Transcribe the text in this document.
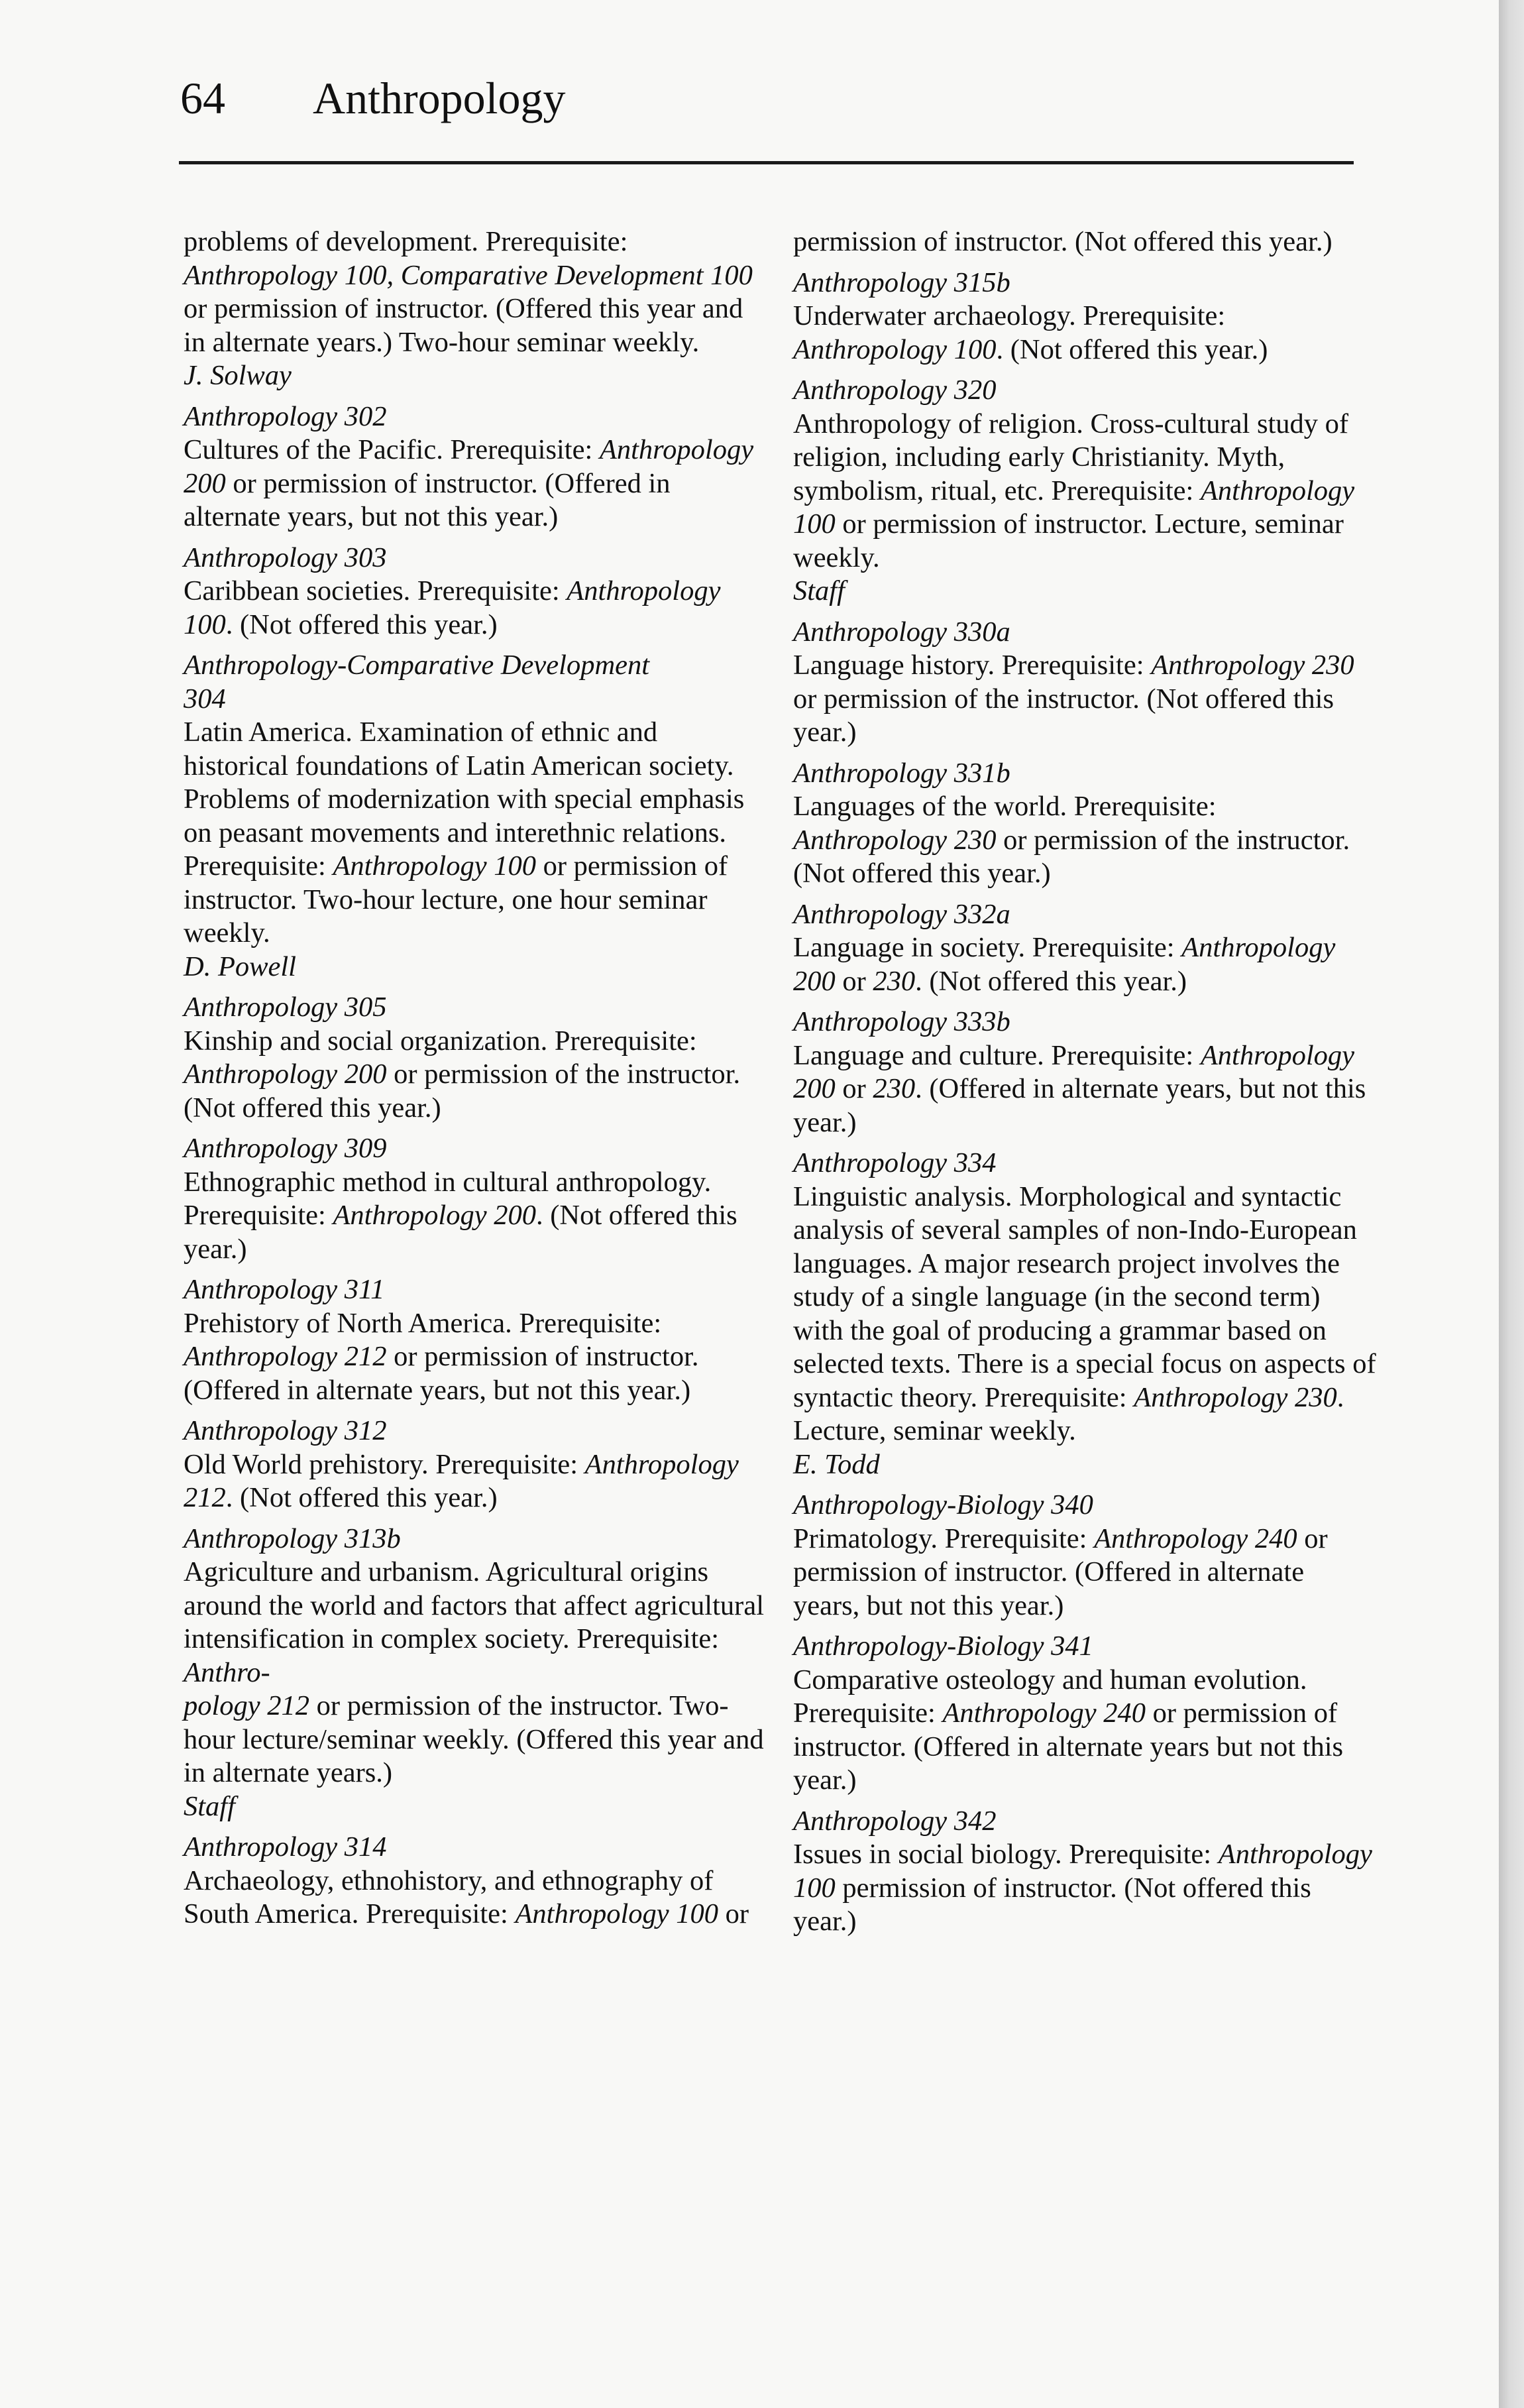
64 Anthropology

problems of development. Prerequisite: Anthropology 100, Comparative Development 100 or permission of instructor. (Offered this year and in alternate years.) Two-hour seminar weekly.

J. Solway

Anthropology 302

Cultures of the Pacific. Prerequisite: Anthropology 200 or permission of instructor. (Offered in alternate years, but not this year.)

Anthropology 303

Caribbean societies. Prerequisite: Anthropology 100. (Not offered this year.)

Anthropology-Comparative Development
304

Latin America. Examination of ethnic and historical foundations of Latin American society. Problems of modernization with special emphasis on peasant movements and interethnic relations. Prerequisite: Anthropology 100 or permission of instructor. Two-hour lecture, one hour seminar weekly.

D. Powell

Anthropology 305

Kinship and social organization. Prerequisite: Anthropology 200 or permission of the instructor. (Not offered this year.)

Anthropology 309

Ethnographic method in cultural anthropology. Prerequisite: Anthropology 200. (Not offered this year.)

Anthropology 311

Prehistory of North America. Prerequisite: Anthropology 212 or permission of instructor. (Offered in alternate years, but not this year.)

Anthropology 312

Old World prehistory. Prerequisite: Anthropology 212. (Not offered this year.)

Anthropology 313b

Agriculture and urbanism. Agricultural origins around the world and factors that affect agricultural intensification in complex society. Prerequisite: Anthro-
pology 212 or permission of the instructor. Two-hour lecture/seminar weekly. (Offered this year and in alternate years.)

Staff

Anthropology 314

Archaeology, ethnohistory, and ethnography of South America. Prerequisite: Anthropology 100 or

permission of instructor. (Not offered this year.)

Anthropology 315b

Underwater archaeology. Prerequisite: Anthropology 100. (Not offered this year.)

Anthropology 320

Anthropology of religion. Cross-cultural study of religion, including early Christianity. Myth, symbolism, ritual, etc. Prerequisite: Anthropology 100 or permission of instructor. Lecture, seminar weekly.

Staff

Anthropology 330a

Language history. Prerequisite: Anthropology 230 or permission of the instructor. (Not offered this year.)

Anthropology 331b

Languages of the world. Prerequisite: Anthropology 230 or permission of the instructor. (Not offered this year.)

Anthropology 332a

Language in society. Prerequisite: Anthropology 200 or 230. (Not offered this year.)

Anthropology 333b

Language and culture. Prerequisite: Anthropology 200 or 230. (Offered in alternate years, but not this year.)

Anthropology 334

Linguistic analysis. Morphological and syntactic analysis of several samples of non-Indo-European languages. A major research project involves the study of a single language (in the second term) with the goal of producing a grammar based on selected texts. There is a special focus on aspects of syntactic theory. Prerequisite: Anthropology 230. Lecture, seminar weekly.

E. Todd

Anthropology-Biology 340

Primatology. Prerequisite: Anthropology 240 or permission of instructor. (Offered in alternate years, but not this year.)

Anthropology-Biology 341

Comparative osteology and human evolution. Prerequisite: Anthropology 240 or permission of instructor. (Offered in alternate years but not this year.)

Anthropology 342

Issues in social biology. Prerequisite: Anthropology 100 permission of instructor. (Not offered this year.)
